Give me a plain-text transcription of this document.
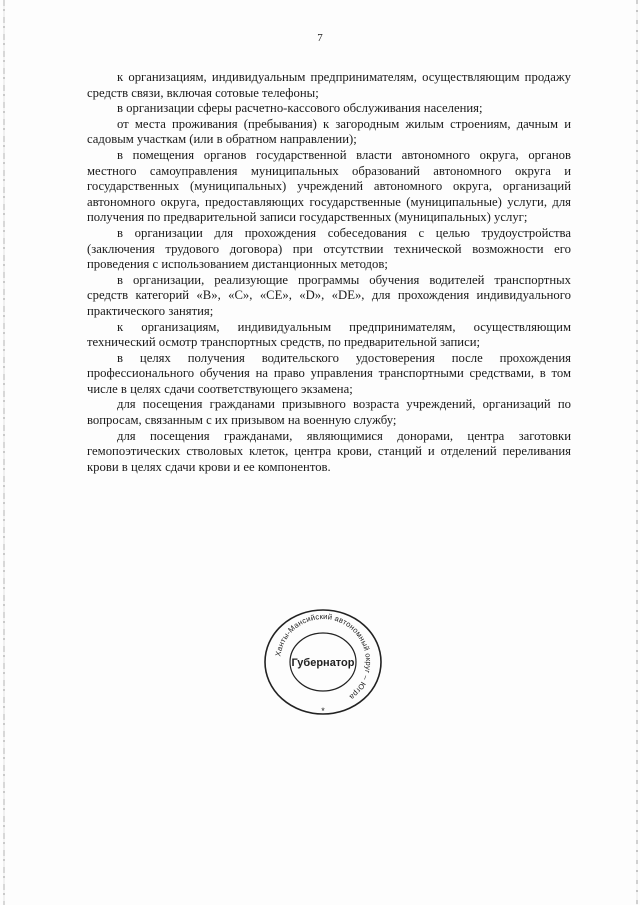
7

к организациям, индивидуальным предпринимателям, осуществляющим продажу средств связи, включая сотовые телефоны;

в организации сферы расчетно-кассового обслуживания населения;

от места проживания (пребывания) к загородным жилым строениям, дачным и садовым участкам (или в обратном направлении);

в помещения органов государственной власти автономного округа, органов местного самоуправления муниципальных образований автономного округа и государственных (муниципальных) учреждений автономного округа, организаций автономного округа, предоставляющих государственные (муниципальные) услуги, для получения по предварительной записи государственных (муниципальных) услуг;

в организации для прохождения собеседования с целью трудоустройства (заключения трудового договора) при отсутствии технической возможности его проведения с использованием дистанционных методов;

в организации, реализующие программы обучения водителей транспортных средств категорий «B», «C», «CE», «D», «DE», для прохождения индивидуального практического занятия;

к организациям, индивидуальным предпринимателям, осуществляющим технический осмотр транспортных средств, по предварительной записи;

в целях получения водительского удостоверения после прохождения профессионального обучения на право управления транспортными средствами, в том числе в целях сдачи соответствующего экзамена;

для посещения гражданами призывного возраста учреждений, организаций по вопросам, связанным с их призывом на военную службу;

для посещения гражданами, являющимися донорами, центра заготовки гемопоэтических стволовых клеток, центра крови, станций и отделений переливания крови в целях сдачи крови и ее компонентов.

Ханты-Мансийский автономный округ – Югра
Губернатор
*
